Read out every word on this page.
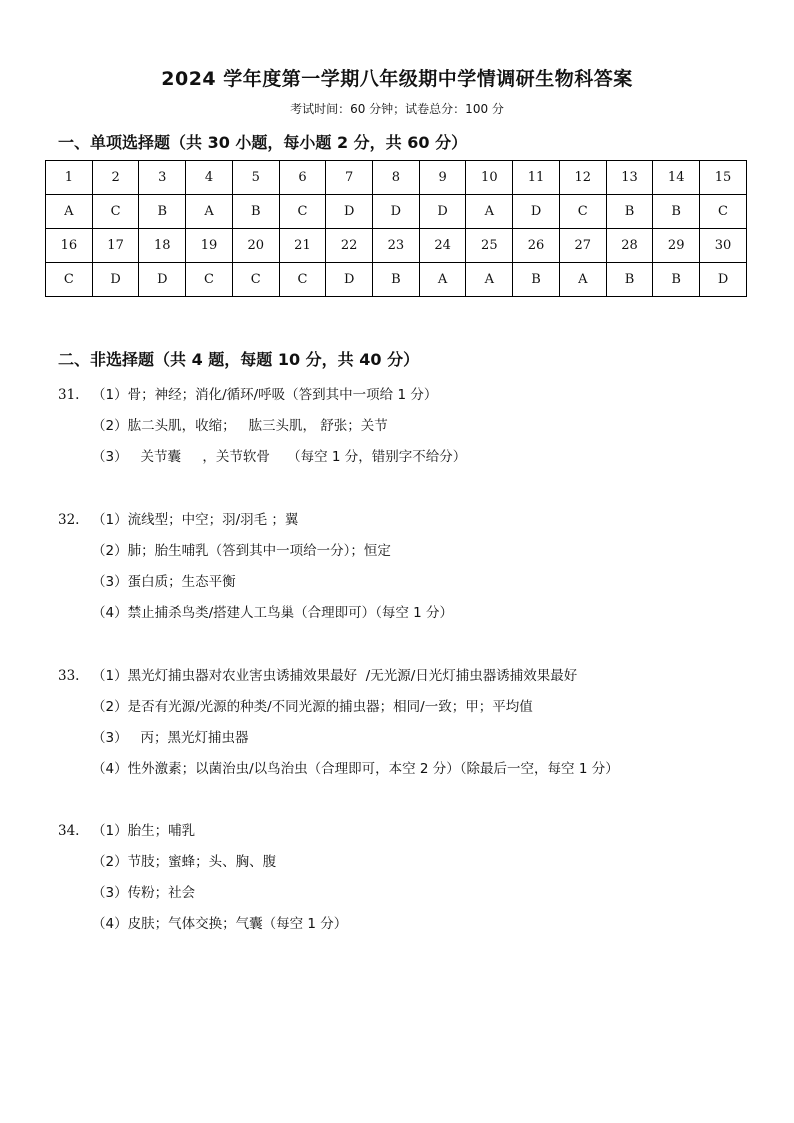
2024 学年度第一学期八年级期中学情调研生物科答案
考试时间：60 分钟；试卷总分：100 分
一、单项选择题（共 30 小题，每小题 2 分，共 60 分）
1	2	3	4	5	6	7	8	9	10	11	12	13	14	15
A	C	B	A	B	C	D	D	D	A	D	C	B	B	C
16	17	18	19	20	21	22	23	24	25	26	27	28	29	30
C	D	D	C	C	C	D	B	A	A	B	A	B	B	D
二、非选择题（共 4 题，每题 10 分，共 40 分）
31. （1）骨；神经；消化/循环/呼吸（答到其中一项给 1 分）
（2）肱二头肌，收缩；   肱三头肌， 舒张；关节
（3）   关节囊     ，关节软骨    （每空 1 分，错别字不给分）
32. （1）流线型；中空；羽/羽毛 ；翼
（2）肺；胎生哺乳（答到其中一项给一分）；恒定
（3）蛋白质；生态平衡
（4）禁止捕杀鸟类/搭建人工鸟巢（合理即可）（每空 1 分）
33. （1）黑光灯捕虫器对农业害虫诱捕效果最好  /无光源/日光灯捕虫器诱捕效果最好
（2）是否有光源/光源的种类/不同光源的捕虫器；相同/一致；甲；平均值
（3）   丙；黑光灯捕虫器
（4）性外激素；以菌治虫/以鸟治虫（合理即可，本空 2 分）（除最后一空，每空 1 分）
34. （1）胎生；哺乳
（2）节肢；蜜蜂；头、胸、腹
（3）传粉；社会
（4）皮肤；气体交换；气囊（每空 1 分）
